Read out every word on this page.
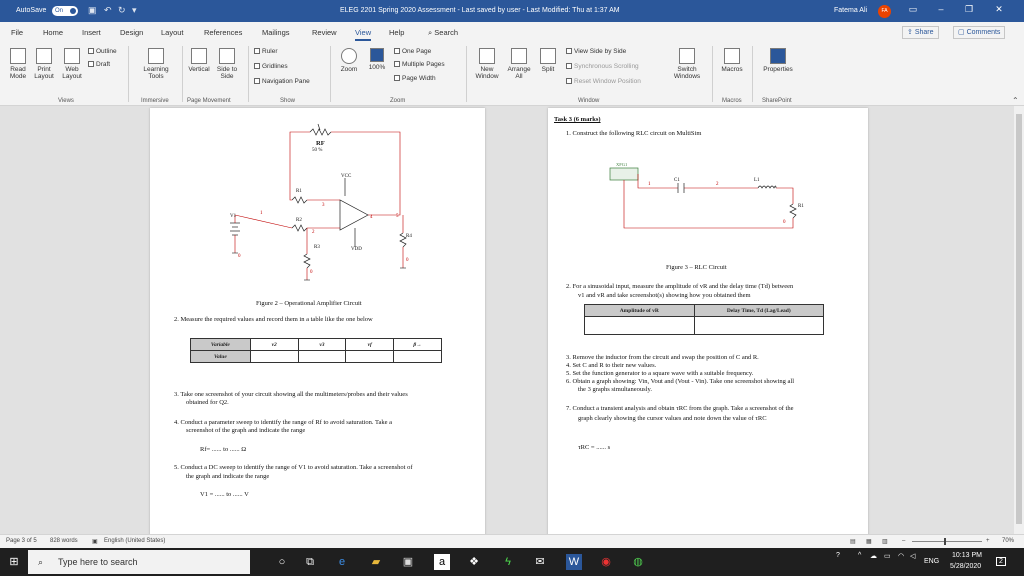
AutoSave	On	▣ ↶ ↻ ▾	ELEG 2201 Spring 2020 Assessment - Last saved by user - Last Modified: Thu at 1:37 AM	Fatema Ali	FA	▭	–	❐	✕
File	Home	Insert	Design Layout	References	Mailings	Review View Help	⌕ Search	⇪ Share	▢ Comments
Read Mode
Print Layout
Web Layout
Outline
Draft
Views
Learning Tools
Immersive
Vertical	Side to Side
Page Movement
Ruler
Gridlines
Navigation Pane
Show
Zoom	100%
One Page
Multiple Pages
Page Width
Zoom
New Window
Arrange All
Split
View Side by Side
Synchronous Scrolling
Reset Window Position
Switch Windows
Window
Macros
Macros
Properties
SharePoint	⌃
RF
50 %
VCC
R1
R2
R3
R4
V1
VDD
1
2
3
4	5
0
0
0
Figure 2 – Operational Amplifier Circuit
2. Measure the required values and record them in a table like the one below
Variable	v2	v3	vf	β→
Value				
3. Take one screenshot of your circuit showing all the multimeters/probes and their values
obtained for Q2.
4. Conduct a parameter sweep to identify the range of Rf to avoid saturation. Take a
screenshot of the graph and indicate the range
Rf= ...... to ...... Ω
5. Conduct a DC sweep to identify the range of V1 to avoid saturation. Take a screenshot of
the graph and indicate the range
V1 = ...... to ...... V
Task 3 (6 marks)
1. Construct the following RLC circuit on MultiSim
XFG1
C1	L1
R1
1	2
0
Figure 3 – RLC Circuit
2. For a sinusoidal input, measure the amplitude of vR and the delay time (Td) between
v1 and vR and take screenshot(s) showing how you obtained them
Amplitude of vR	Delay Time, Td (Lag/Lead)

3. Remove the inductor from the circuit and swap the position of C and R.
4. Set C and R to their new values.
5. Set the function generator to a square wave with a suitable frequency.
6. Obtain a graph showing: Vin, Vout and (Vout - Vin). Take one screenshot showing all
the 3 graphs simultaneously.
7. Conduct a transient analysis and obtain τRC from the graph. Take a screenshot of the
graph clearly showing the cursor values and note down the value of τRC
τRC = ...... s
Page 3 of 5 828 words ▣ English (United States)	▤ ▦ ▥ –	+ 70%
⊞	⌕ Type here to search	○	⧉	e	▰	▣	a	❖	ϟ	✉	W ◉ ◍
?	^ ☁ ▭ ◠ ◁
ENG
10:13 PM
5/28/2020
2
